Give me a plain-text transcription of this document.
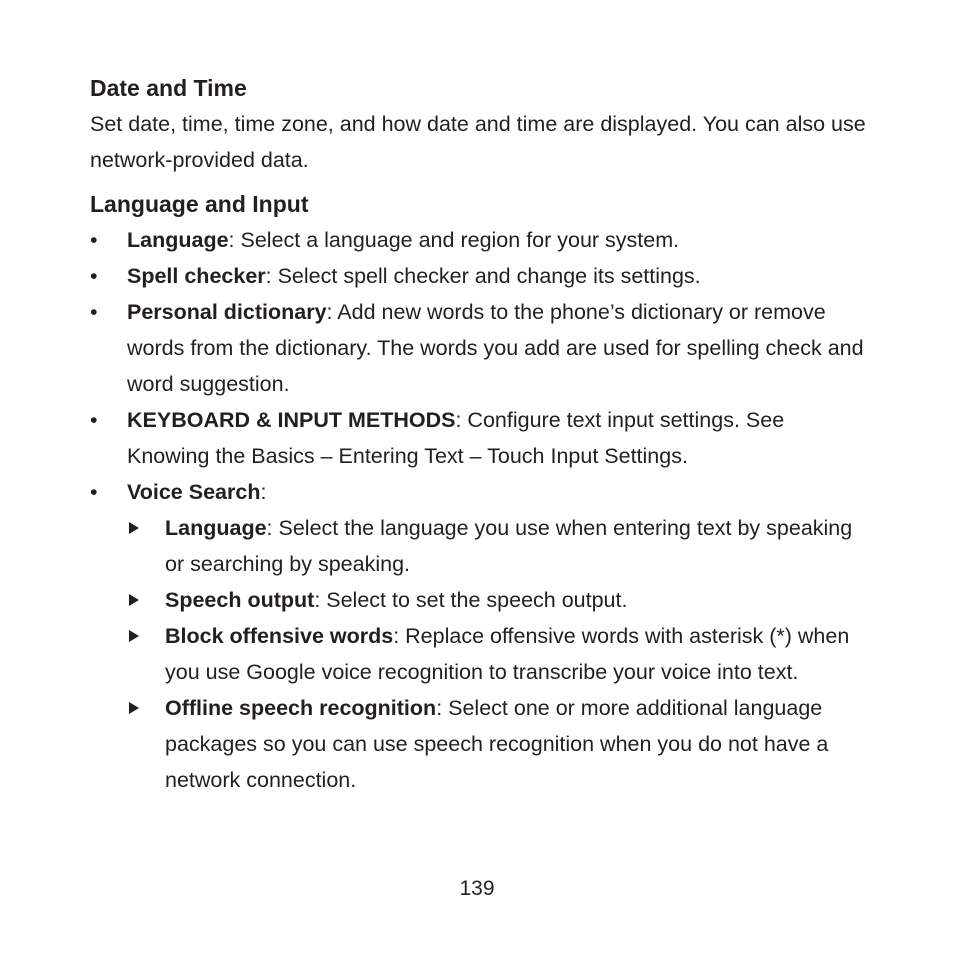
Date and Time

Set date, time, time zone, and how date and time are displayed. You can also use network-provided data.

Language and Input
•	Language: Select a language and region for your system.
•	Spell checker: Select spell checker and change its settings.
•	Personal dictionary: Add new words to the phone’s dictionary or remove words from the dictionary. The words you add are used for spelling check and word suggestion.
•	KEYBOARD & INPUT METHODS: Configure text input settings. See Knowing the Basics – Entering Text – Touch Input Settings.
•	Voice Search:
Language: Select the language you use when entering text by speaking or searching by speaking.
Speech output: Select to set the speech output.
Block offensive words: Replace offensive words with asterisk (*) when you use Google voice recognition to transcribe your voice into text.
Offline speech recognition: Select one or more additional language packages so you can use speech recognition when you do not have a network connection.
139
